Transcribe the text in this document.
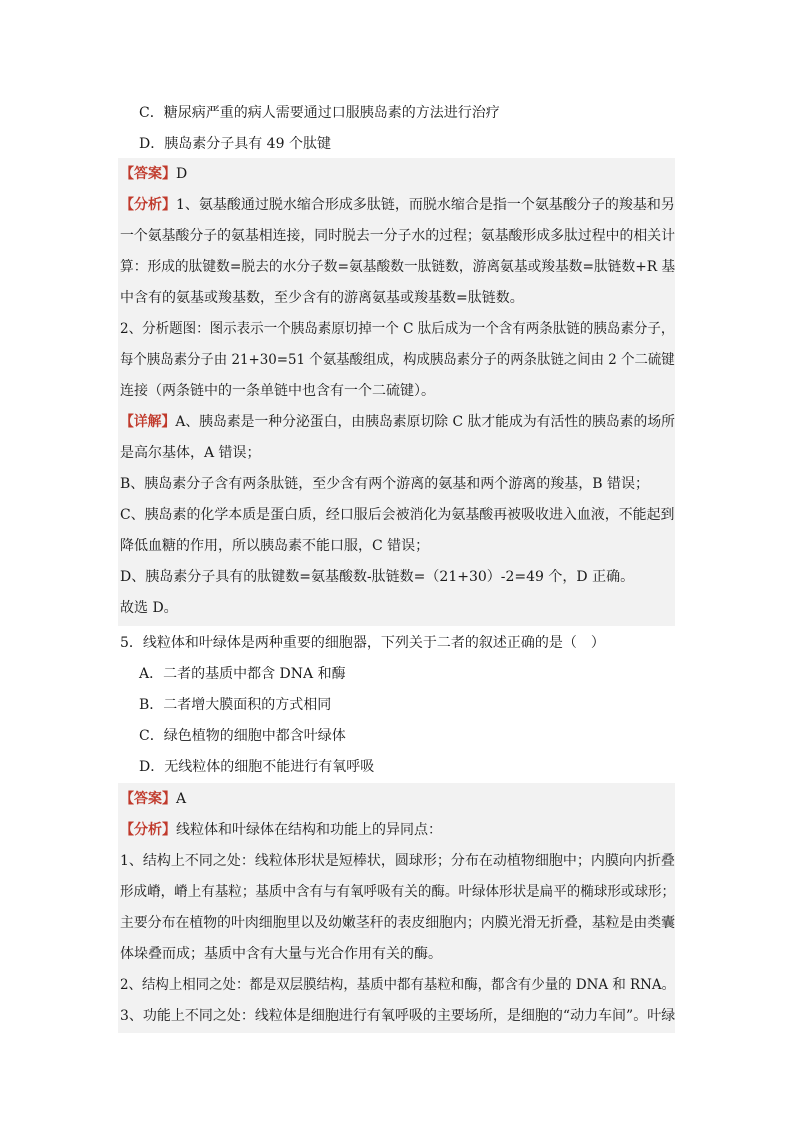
C．糖尿病严重的病人需要通过口服胰岛素的方法进行治疗
D．胰岛素分子具有 49 个肽键
【答案】D
【分析】1、氨基酸通过脱水缩合形成多肽链，而脱水缩合是指一个氨基酸分子的羧基和另
一个氨基酸分子的氨基相连接，同时脱去一分子水的过程；氨基酸形成多肽过程中的相关计
算：形成的肽键数=脱去的水分子数=氨基酸数一肽链数，游离氨基或羧基数=肽链数+R 基
中含有的氨基或羧基数，至少含有的游离氨基或羧基数=肽链数。
2、分析题图：图示表示一个胰岛素原切掉一个 C 肽后成为一个含有两条肽链的胰岛素分子，
每个胰岛素分子由 21+30=51 个氨基酸组成，构成胰岛素分子的两条肽链之间由 2 个二硫键
连接（两条链中的一条单链中也含有一个二硫键）。
【详解】A、胰岛素是一种分泌蛋白，由胰岛素原切除 C 肽才能成为有活性的胰岛素的场所
是高尔基体，A 错误；
B、胰岛素分子含有两条肽链，至少含有两个游离的氨基和两个游离的羧基，B 错误；
C、胰岛素的化学本质是蛋白质，经口服后会被消化为氨基酸再被吸收进入血液，不能起到
降低血糖的作用，所以胰岛素不能口服，C 错误；
D、胰岛素分子具有的肽键数=氨基酸数-肽链数=（21+30）-2=49 个，D 正确。
故选 D。
5．线粒体和叶绿体是两种重要的细胞器，下列关于二者的叙述正确的是（　）
A．二者的基质中都含 DNA 和酶
B．二者增大膜面积的方式相同
C．绿色植物的细胞中都含叶绿体
D．无线粒体的细胞不能进行有氧呼吸
【答案】A
【分析】线粒体和叶绿体在结构和功能上的异同点：
1、结构上不同之处：线粒体形状是短棒状，圆球形；分布在动植物细胞中；内膜向内折叠
形成嵴，嵴上有基粒；基质中含有与有氧呼吸有关的酶。叶绿体形状是扁平的椭球形或球形；
主要分布在植物的叶肉细胞里以及幼嫩茎秆的表皮细胞内；内膜光滑无折叠，基粒是由类囊
体垛叠而成；基质中含有大量与光合作用有关的酶。
2、结构上相同之处：都是双层膜结构，基质中都有基粒和酶，都含有少量的 DNA 和 RNA。
3、功能上不同之处：线粒体是细胞进行有氧呼吸的主要场所，是细胞的“动力车间”。叶绿
